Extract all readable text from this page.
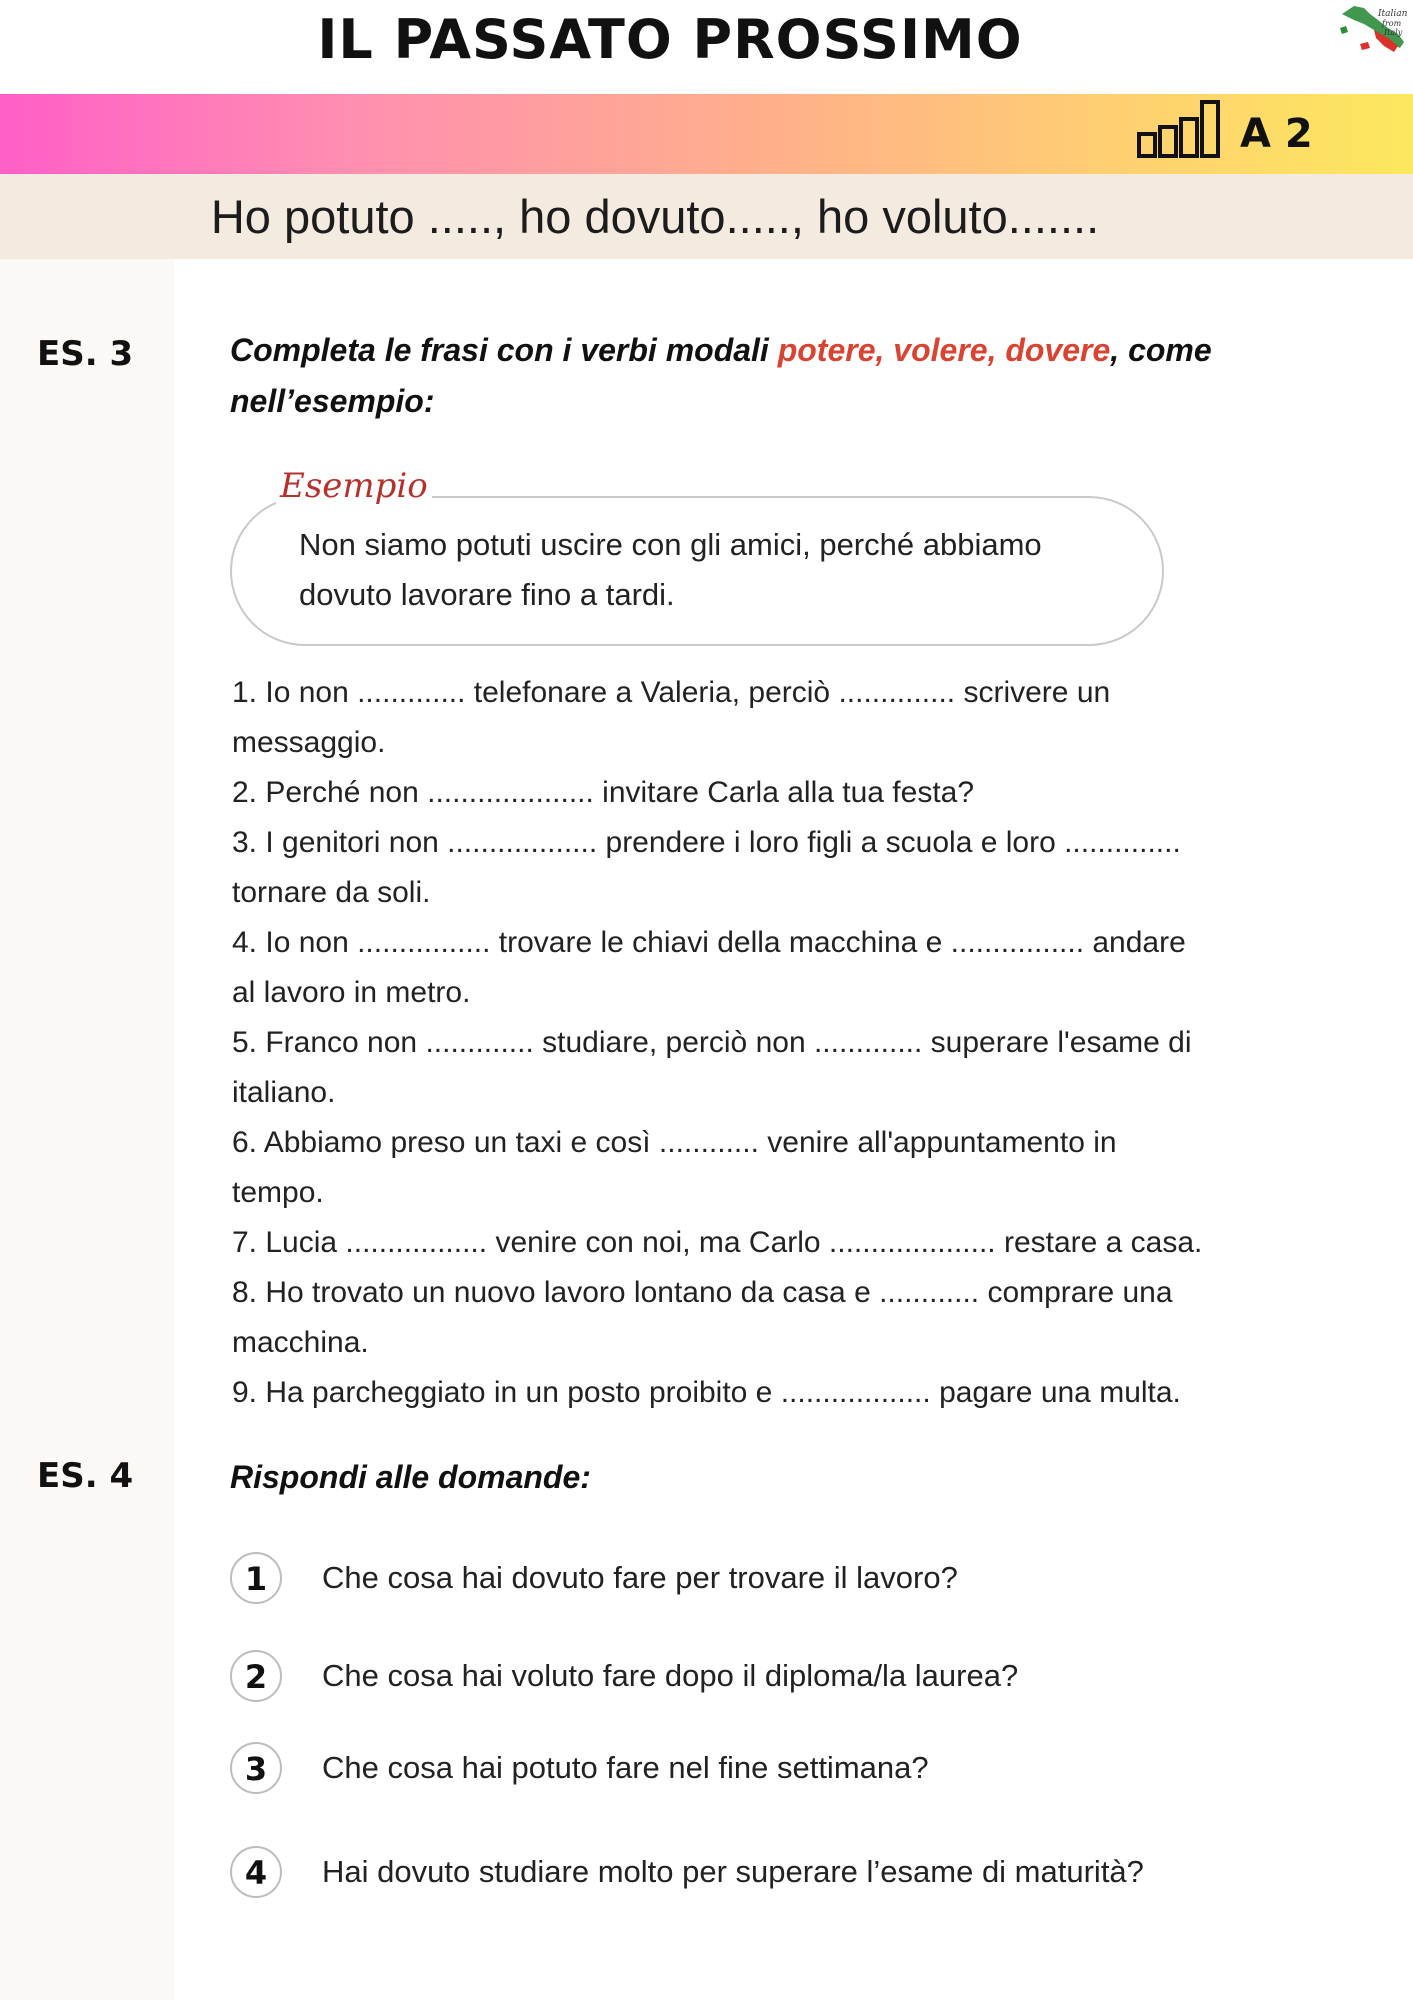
Italian
from
Italy
IL PASSATO PROSSIMO
A 2
Ho potuto ....., ho dovuto....., ho voluto.......
ES. 3	Completa le frasi con i verbi modali potere, volere, dovere, come
nell’esempio:
Esempio
Non siamo potuti uscire con gli amici, perché abbiamo
dovuto lavorare fino a tardi.
1. Io non ............. telefonare a Valeria, perciò .............. scrivere un
messaggio.
2. Perché non .................... invitare Carla alla tua festa?
3. I genitori non .................. prendere i loro figli a scuola e loro ..............
tornare da soli.
4. Io non ................ trovare le chiavi della macchina e ................ andare
al lavoro in metro.
5. Franco non ............. studiare, perciò non ............. superare l'esame di
italiano.
6. Abbiamo preso un taxi e così ............ venire all'appuntamento in
tempo.
7. Lucia ................. venire con noi, ma Carlo .................... restare a casa.
8. Ho trovato un nuovo lavoro lontano da casa e ............ comprare una
macchina.
9. Ha parcheggiato in un posto proibito e .................. pagare una multa.
ES. 4	Rispondi alle domande:
1	Che cosa hai dovuto fare per trovare il lavoro?
2	Che cosa hai voluto fare dopo il diploma/la laurea?
3	Che cosa hai potuto fare nel fine settimana?
4	Hai dovuto studiare molto per superare l’esame di maturità?
